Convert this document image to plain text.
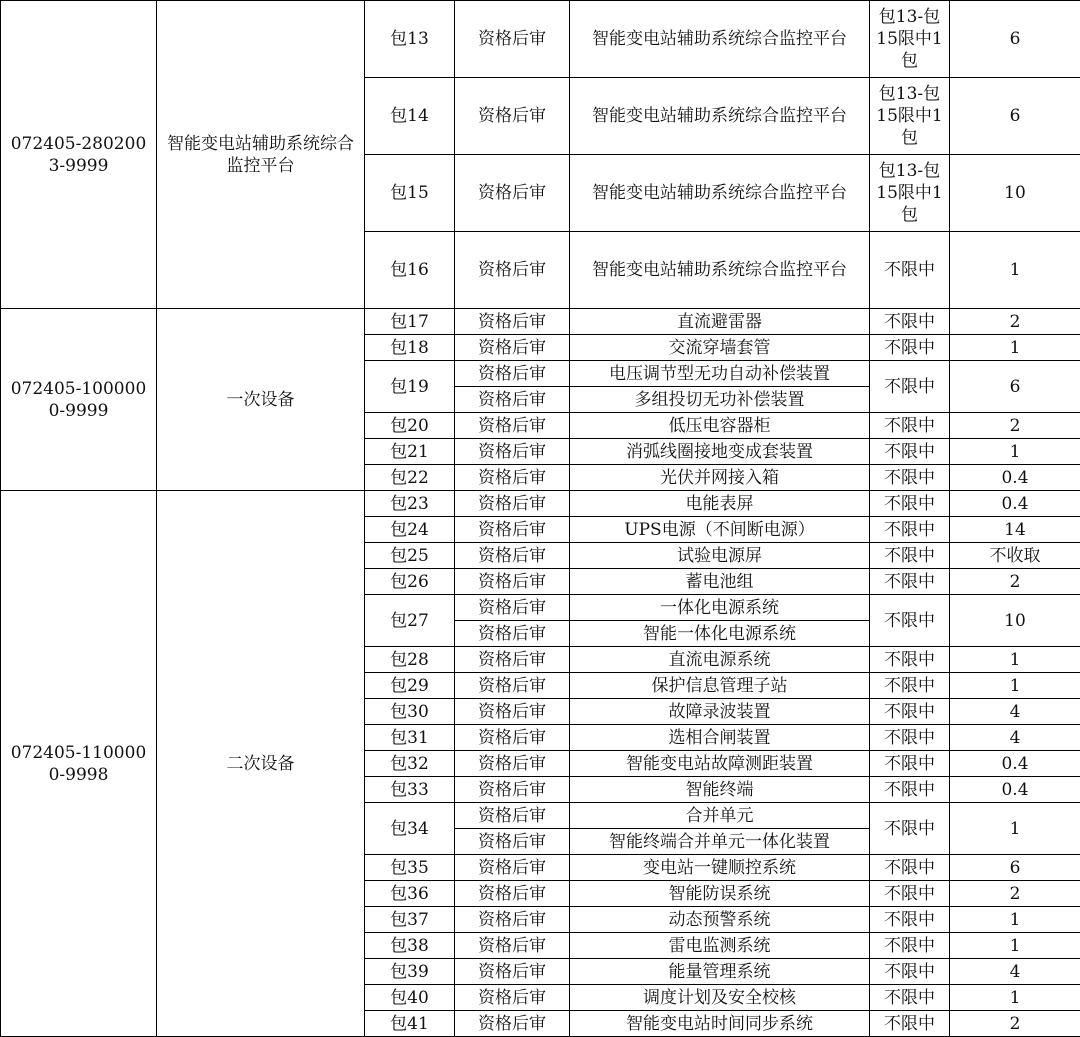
072405-2802003-9999	智能变电站辅助系统综合监控平台	包13	资格后审	智能变电站辅助系统综合监控平台	包13-包15限中1包	6
		包14	资格后审	智能变电站辅助系统综合监控平台	包13-包15限中1包	6
		包15	资格后审	智能变电站辅助系统综合监控平台	包13-包15限中1包	10
		包16	资格后审	智能变电站辅助系统综合监控平台	不限中	1
072405-1000000-9999	一次设备	包17	资格后审	直流避雷器	不限中	2
		包18	资格后审	交流穿墙套管	不限中	1
		包19	资格后审	电压调节型无功自动补偿装置	不限中	6
			资格后审	多组投切无功补偿装置		
		包20	资格后审	低压电容器柜	不限中	2
		包21	资格后审	消弧线圈接地变成套装置	不限中	1
		包22	资格后审	光伏并网接入箱	不限中	0.4
072405-1100000-9998	二次设备	包23	资格后审	电能表屏	不限中	0.4
		包24	资格后审	UPS电源（不间断电源）	不限中	14
		包25	资格后审	试验电源屏	不限中	不收取
		包26	资格后审	蓄电池组	不限中	2
		包27	资格后审	一体化电源系统	不限中	10
			资格后审	智能一体化电源系统		
		包28	资格后审	直流电源系统	不限中	1
		包29	资格后审	保护信息管理子站	不限中	1
		包30	资格后审	故障录波装置	不限中	4
		包31	资格后审	选相合闸装置	不限中	4
		包32	资格后审	智能变电站故障测距装置	不限中	0.4
		包33	资格后审	智能终端	不限中	0.4
		包34	资格后审	合并单元	不限中	1
			资格后审	智能终端合并单元一体化装置		
		包35	资格后审	变电站一键顺控系统	不限中	6
		包36	资格后审	智能防误系统	不限中	2
		包37	资格后审	动态预警系统	不限中	1
		包38	资格后审	雷电监测系统	不限中	1
		包39	资格后审	能量管理系统	不限中	4
		包40	资格后审	调度计划及安全校核	不限中	1
		包41	资格后审	智能变电站时间同步系统	不限中	2
